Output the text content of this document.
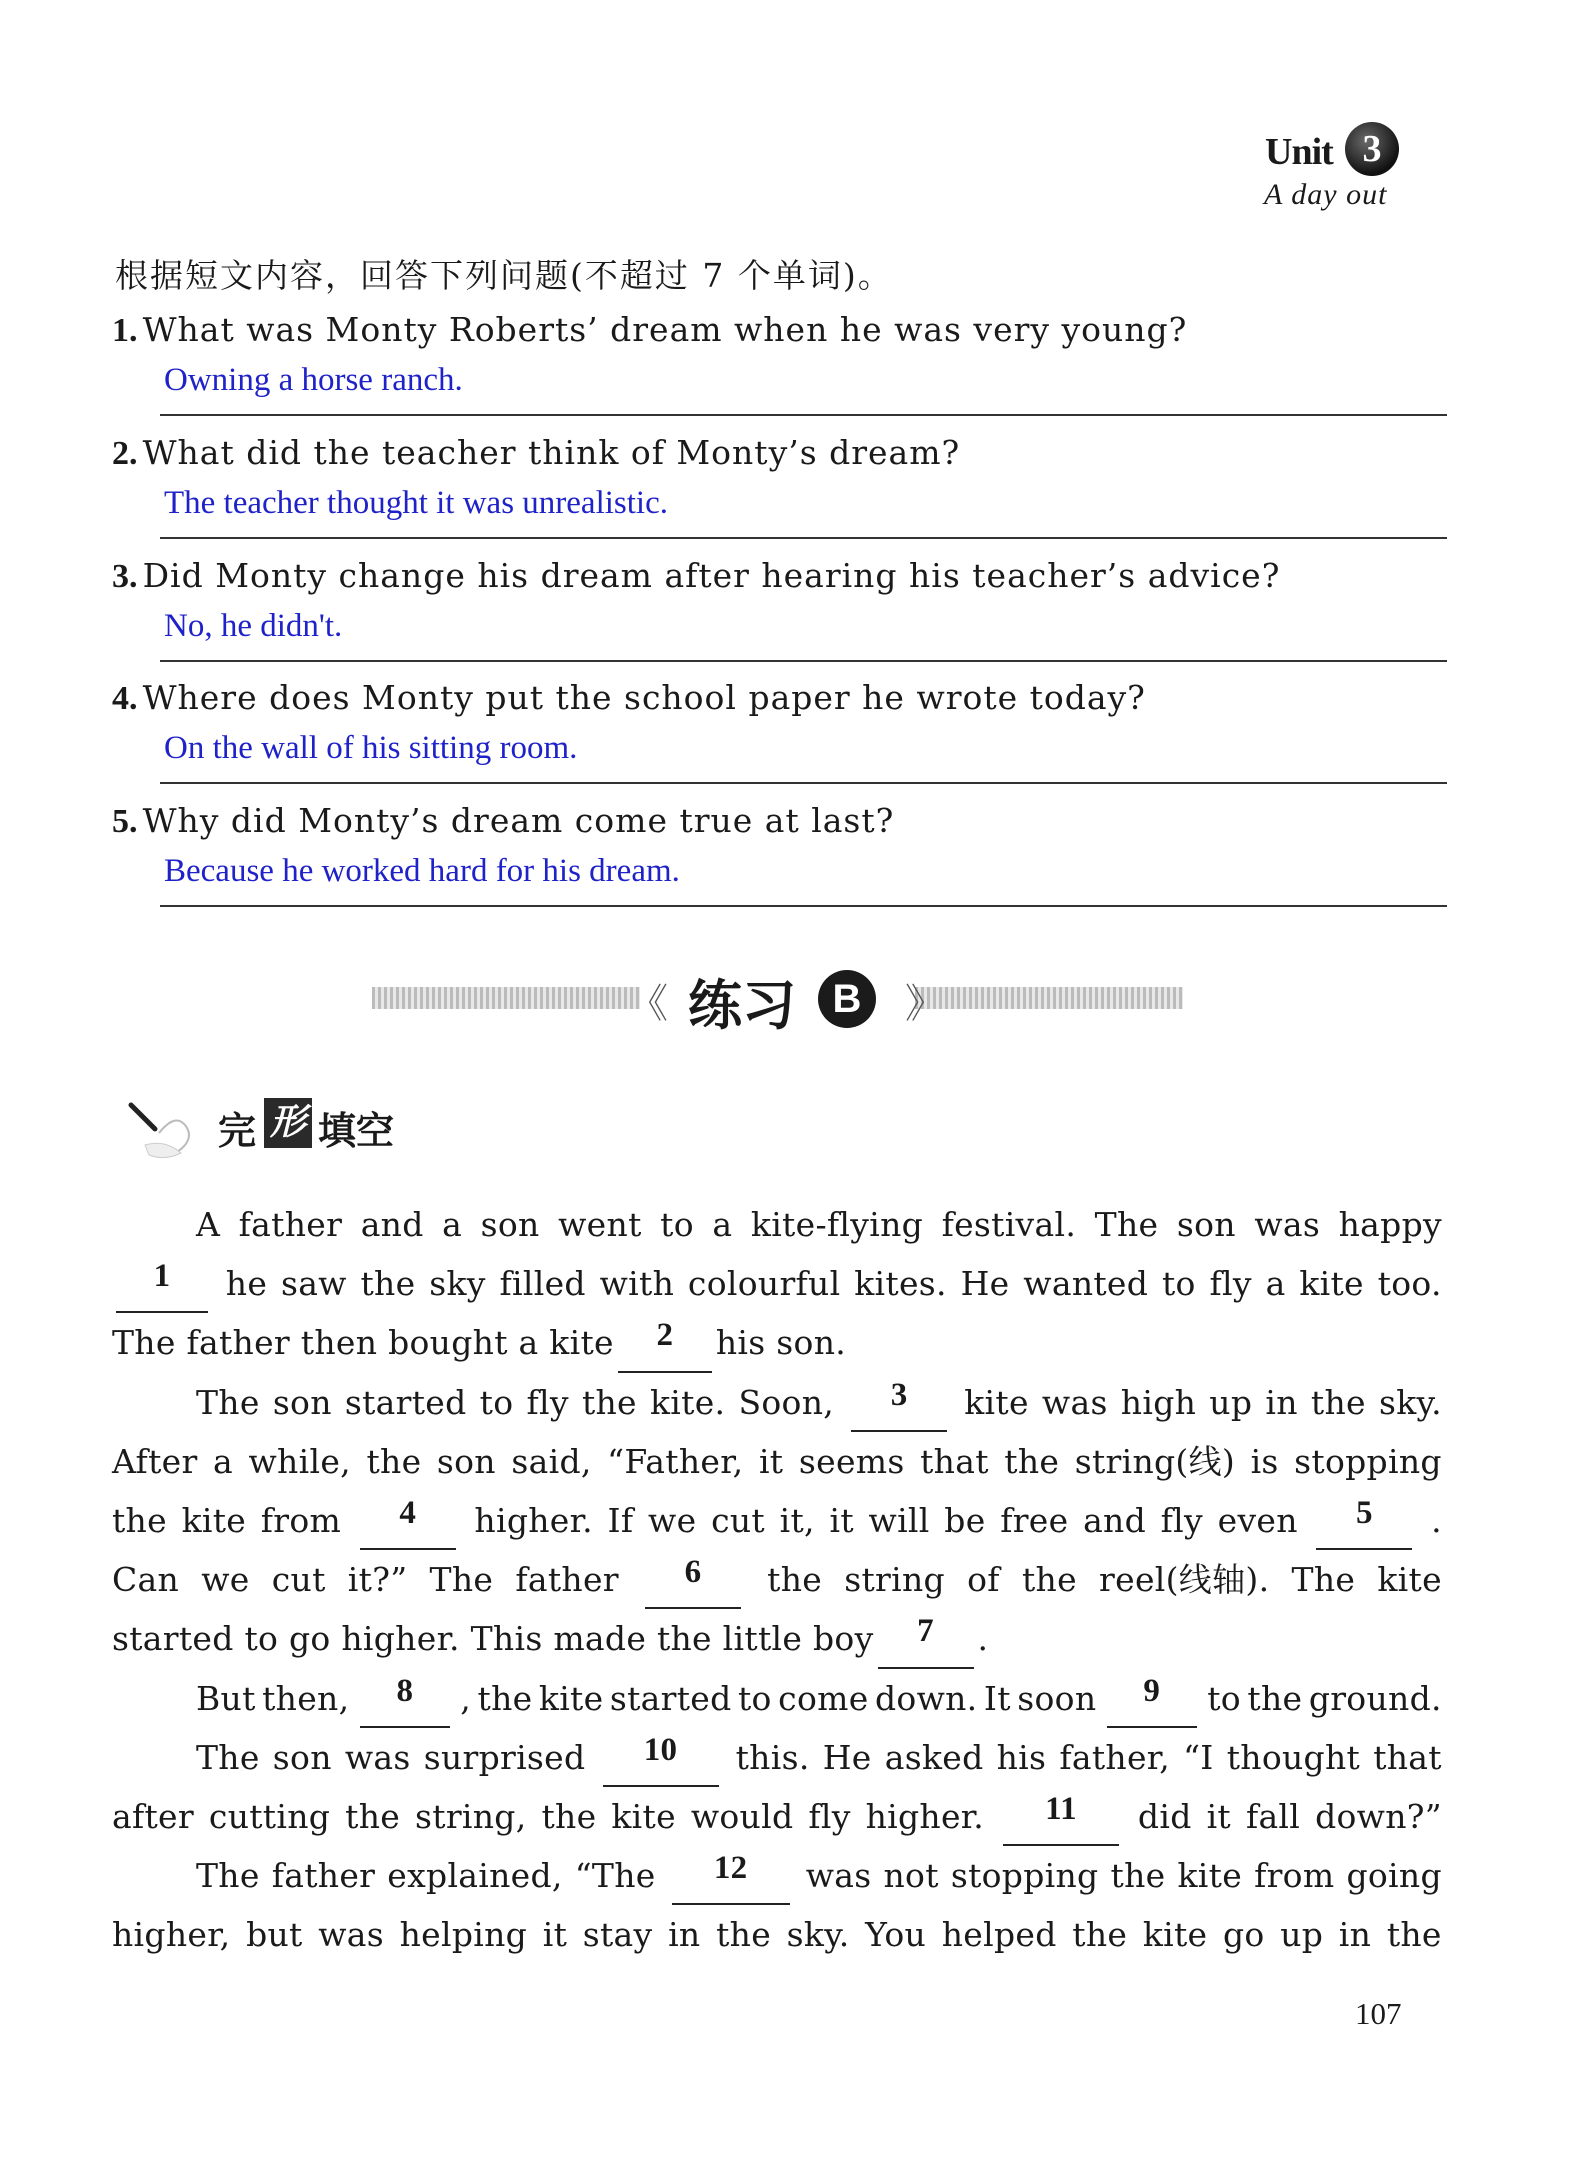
Unit 3
A day out
根据短文内容，回答下列问题(不超过 7 个单词)。
1. What was Monty Roberts’ dream when he was very young?
Owning a horse ranch.
2. What did the teacher think of Monty’s dream?
The teacher thought it was unrealistic.
3. Did Monty change his dream after hearing his teacher’s advice?
No, he didn't.
4. Where does Monty put the school paper he wrote today?
On the wall of his sitting room.
5. Why did Monty’s dream come true at last?
Because he worked hard for his dream.
《 练习 B	》
完 形 填空
A father and a son went to a kite-flying festival. The son was happy
1	he saw the sky filled with colourful kites. He wanted to fly a kite too.
The father then bought a kite	2	his son.
The son started to fly the kite. Soon,	3	kite was high up in the sky.
After a while, the son said, “Father, it seems that the string(线) is stopping
the kite from	4	higher. If we cut it, it will be free and fly even	5	.
Can we cut it?” The father	6	the string of the reel(线轴). The kite
started to go higher. This made the little boy	7	.
But then,	8	, the kite started to come down. It soon	9	to the ground.
The son was surprised	10	this. He asked his father, “I thought that
after cutting the string, the kite would fly higher.	11	did it fall down?”
The father explained, “The	12	was not stopping the kite from going
higher, but was helping it stay in the sky. You helped the kite go up in the
107
